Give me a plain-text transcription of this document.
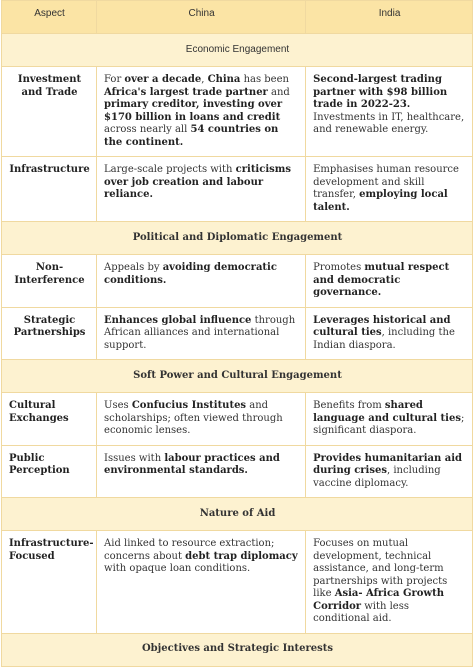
Aspect	China	India
Economic Engagement		
Investment and Trade	For over a decade, China has been Africa's largest trade partner and primary creditor, investing over $170 billion in loans and credit across nearly all 54 countries on the continent.	Second-largest trading partner with $98 billion trade in 2022-23. Investments in IT, healthcare, and renewable energy.
Infrastructure	Large-scale projects with criticisms over job creation and labour reliance.	Emphasises human resource development and skill transfer, employing local talent.
Political and Diplomatic Engagement		
Non-Interference	Appeals by avoiding democratic conditions.	Promotes mutual respect and democratic governance.
Strategic Partnerships	Enhances global influence through African alliances and international support.	Leverages historical and cultural ties, including the Indian diaspora.
Soft Power and Cultural Engagement		
Cultural Exchanges	Uses Confucius Institutes and scholarships; often viewed through economic lenses.	Benefits from shared language and cultural ties; significant diaspora.
Public Perception	Issues with labour practices and environmental standards.	Provides humanitarian aid during crises, including vaccine diplomacy.
Nature of Aid		
Infrastructure-Focused	Aid linked to resource extraction; concerns about debt trap diplomacy with opaque loan conditions.	Focuses on mutual development, technical assistance, and long-term partnerships with projects like Asia- Africa Growth Corridor with less conditional aid.
Objectives and Strategic Interests		
